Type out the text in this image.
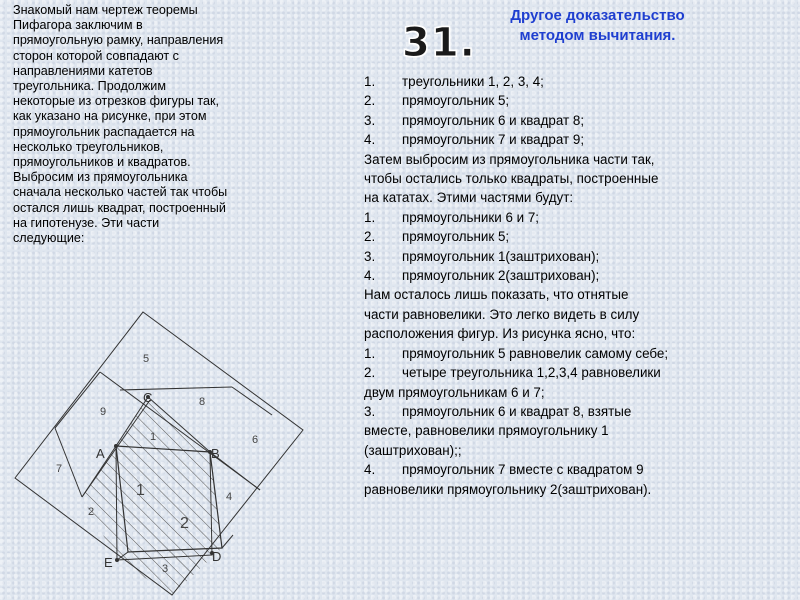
Знакомый нам чертеж теоремы
Пифагора заключим в
прямоугольную рамку, направления
сторон которой совпадают с
направлениями катетов
треугольника. Продолжим
некоторые из отрезков фигуры так,
как указано на рисунке, при этом
прямоугольник распадается на
несколько треугольников,
прямоугольников и квадратов.
Выбросим из прямоугольника
сначала несколько частей так чтобы
остался лишь квадрат, построенный
на гипотенузе. Эти части
следующие:
31.
Другое доказательство
методом вычитания.
1. треугольники 1, 2, 3, 4;
2. прямоугольник 5;
3. прямоугольник 6 и квадрат 8;
4. прямоугольник 7 и квадрат 9;
Затем выбросим из прямоугольника части так,
чтобы остались только квадраты, построенные
на кататах. Этими частями будут:
1. прямоугольники 6 и 7;
2. прямоугольник 5;
3. прямоугольник 1(заштрихован);
4. прямоугольник 2(заштрихован);
Нам осталось лишь показать, что отнятые
части равновелики. Это легко видеть в силу
расположения фигур. Из рисунка ясно, что:
1. прямоугольник 5 равновелик самому себе;
2. четыре треугольника 1,2,3,4 равновелики
двум прямоугольникам 6 и 7;
3. прямоугольник 6 и квадрат 8, взятые
вместе, равновелики прямоугольнику 1
(заштрихован);;
4. прямоугольник 7 вместе с квадратом 9
равновелики прямоугольнику 2(заштрихован).
A	B
C
D
E
5
9
8
6
7
1
4
2
3
1
2
